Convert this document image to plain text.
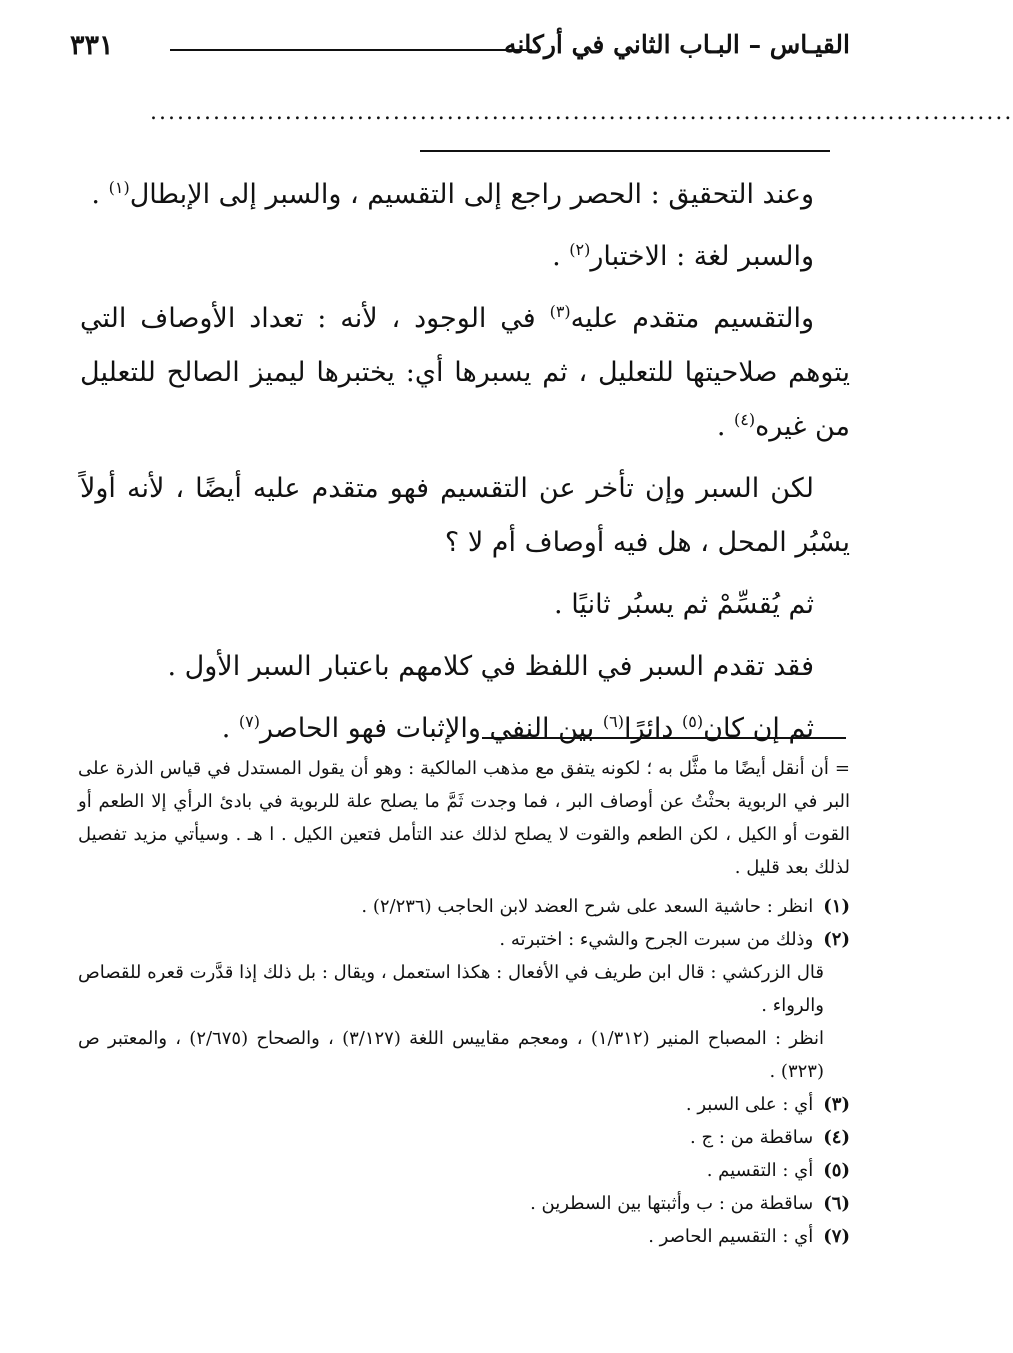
القيـاس – البـاب الثاني في أركانه
٣٣١
................................................................................................

وعند التحقيق : الحصر راجع إلى التقسيم ، والسبر إلى الإبطال$^{(١)}$ .

والسبر لغة : الاختبار$^{(٢)}$ .

والتقسيم متقدم عليه$^{(٣)}$ في الوجود ، لأنه : تعداد الأوصاف التي يتوهم صلاحيتها للتعليل ، ثم يسبرها أي: يختبرها ليميز الصالح للتعليل من غيره$^{(٤)}$ .

لكن السبر وإن تأخر عن التقسيم فهو متقدم عليه أيضًا ، لأنه أولاً يسْبُر المحل ، هل فيه أوصاف أم لا ؟

ثم يُقسِّمْ ثم يسبُر ثانيًا .

فقد تقدم السبر في اللفظ في كلامهم باعتبار السبر الأول .

ثم إن كان$^{(٥)}$ دائرًا$^{(٦)}$ بين النفي والإثبات فهو الحاصر$^{(٧)}$ .

= أن أنقل أيضًا ما مثَّل به ؛ لكونه يتفق مع مذهب المالكية : وهو أن يقول المستدل في قياس الذرة على البر في الربوية بحثْتُ عن أوصاف البر ، فما وجدت ثَمَّ ما يصلح علة للربوية في بادئ الرأي إلا الطعم أو القوت أو الكيل ، لكن الطعم والقوت لا يصلح لذلك عند التأمل فتعين الكيل . ا هـ . وسيأتي مزيد تفصيل لذلك بعد قليل .

(١)انظر : حاشية السعد على شرح العضد لابن الحاجب (٢/٢٣٦) .

(٢)وذلك من سبرت الجرح والشيء : اختبرته .

قال الزركشي : قال ابن طريف في الأفعال : هكذا استعمل ، ويقال : بل ذلك إذا قدَّرت قعره للقصاص والرواء .

انظر : المصباح المنير (١/٣١٢) ، ومعجم مقاييس اللغة (٣/١٢٧) ، والصحاح (٢/٦٧٥) ، والمعتبر ص (٣٢٣) .

(٣)أي : على السبر .

(٤)ساقطة من : ج .

(٥)أي : التقسيم .

(٦)ساقطة من : ب وأثبتها بين السطرين .

(٧)أي : التقسيم الحاصر .
